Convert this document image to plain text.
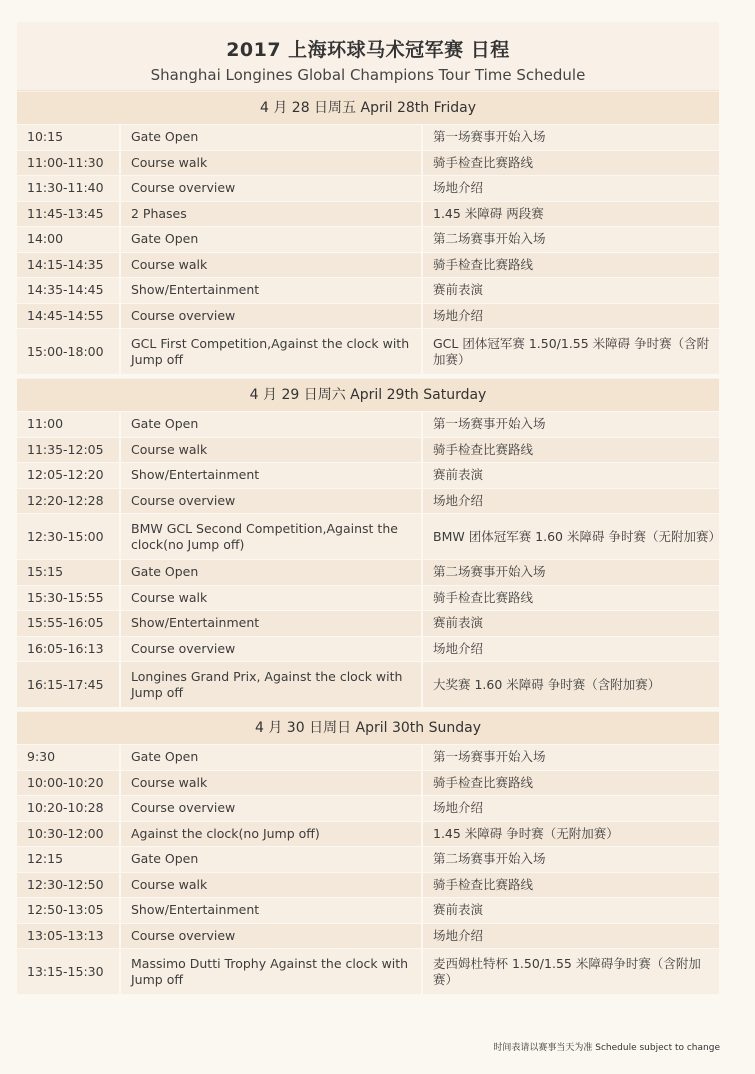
2017 上海环球马术冠军赛 日程
Shanghai Longines Global Champions Tour Time Schedule
4 月 28 日周五 April 28th Friday
10:15	Gate Open	第一场赛事开始入场
11:00-11:30	Course walk	骑手检查比赛路线
11:30-11:40	Course overview	场地介绍
11:45-13:45	2 Phases	1.45 米障碍 两段赛
14:00	Gate Open	第二场赛事开始入场
14:15-14:35	Course walk	骑手检查比赛路线
14:35-14:45	Show/Entertainment	赛前表演
14:45-14:55	Course overview	场地介绍
15:00-18:00	GCL First Competition,Against the clock with Jump off	GCL 团体冠军赛 1.50/1.55 米障碍 争时赛（含附加赛）
4 月 29 日周六 April 29th Saturday
11:00	Gate Open	第一场赛事开始入场
11:35-12:05	Course walk	骑手检查比赛路线
12:05-12:20	Show/Entertainment	赛前表演
12:20-12:28	Course overview	场地介绍
12:30-15:00	BMW GCL Second Competition,Against the clock(no Jump off)	BMW 团体冠军赛 1.60 米障碍 争时赛（无附加赛）
15:15	Gate Open	第二场赛事开始入场
15:30-15:55	Course walk	骑手检查比赛路线
15:55-16:05	Show/Entertainment	赛前表演
16:05-16:13	Course overview	场地介绍
16:15-17:45	Longines Grand Prix, Against the clock with Jump off	大奖赛 1.60 米障碍 争时赛（含附加赛）
4 月 30 日周日 April 30th Sunday
9:30	Gate Open	第一场赛事开始入场
10:00-10:20	Course walk	骑手检查比赛路线
10:20-10:28	Course overview	场地介绍
10:30-12:00	Against the clock(no Jump off)	1.45 米障碍 争时赛（无附加赛）
12:15	Gate Open	第二场赛事开始入场
12:30-12:50	Course walk	骑手检查比赛路线
12:50-13:05	Show/Entertainment	赛前表演
13:05-13:13	Course overview	场地介绍
13:15-15:30	Massimo Dutti Trophy Against the clock with Jump off	麦西姆杜特杯 1.50/1.55 米障碍争时赛（含附加赛）
时间表请以赛事当天为准 Schedule subject to change
